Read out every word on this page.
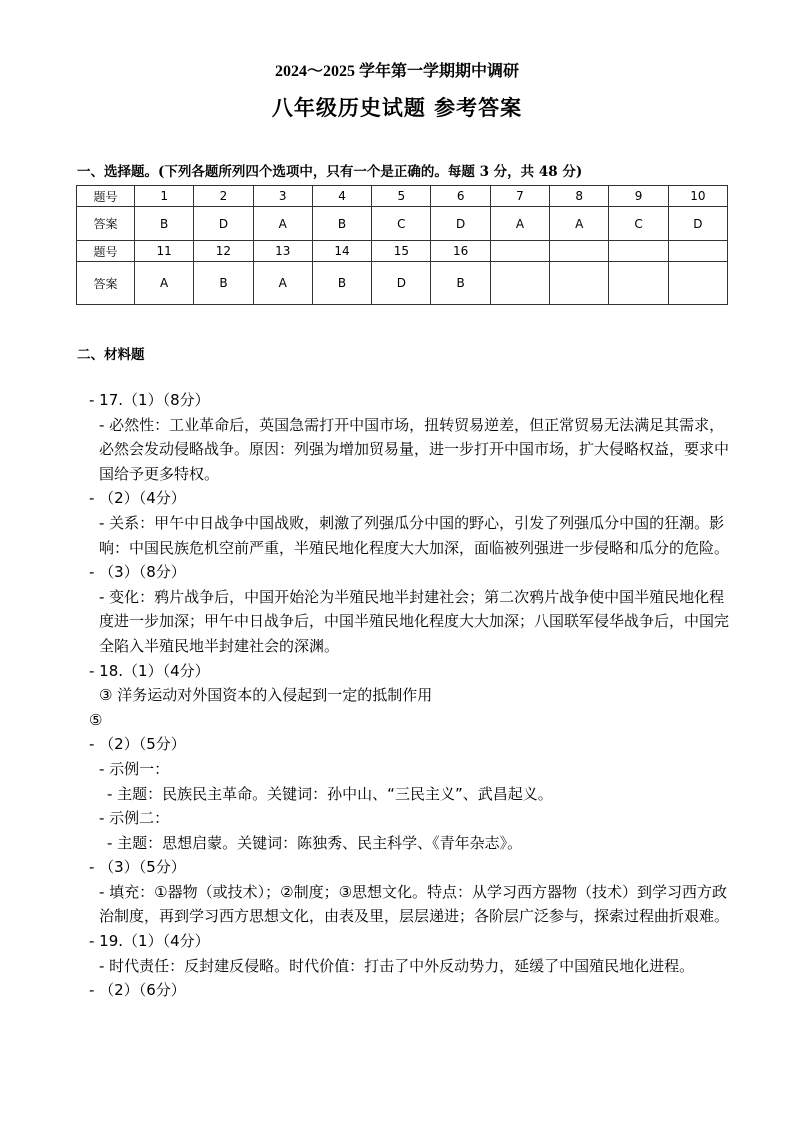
2024～2025 学年第一学期期中调研
八年级历史试题 参考答案
一、选择题。(下列各题所列四个选项中，只有一个是正确的。每题 3 分，共 48 分)
题号	1	2	3	4	5	6	7	8	9	10
答案	B	D	A	B	C	D	A	A	C	D
题号	11	12	13	14	15	16				
答案	A	B	A	B	D	B				
二、材料题

- 17.（1）（8分）

- 必然性：工业革命后，英国急需打开中国市场，扭转贸易逆差，但正常贸易无法满足其需求，必然会发动侵略战争。原因：列强为增加贸易量，进一步打开中国市场，扩大侵略权益，要求中国给予更多特权。

- （2）（4分）

- 关系：甲午中日战争中国战败，刺激了列强瓜分中国的野心，引发了列强瓜分中国的狂潮。影响：中国民族危机空前严重，半殖民地化程度大大加深，面临被列强进一步侵略和瓜分的危险。

- （3）（8分）

- 变化：鸦片战争后，中国开始沦为半殖民地半封建社会；第二次鸦片战争使中国半殖民地化程度进一步加深；甲午中日战争后，中国半殖民地化程度大大加深；八国联军侵华战争后，中国完全陷入半殖民地半封建社会的深渊。

- 18.（1）（4分）

③ 洋务运动对外国资本的入侵起到一定的抵制作用

⑤

- （2）（5分）

- 示例一：

- 主题：民族民主革命。关键词：孙中山、“三民主义”、武昌起义。

- 示例二：

- 主题：思想启蒙。关键词：陈独秀、民主科学、《青年杂志》。

- （3）（5分）

- 填充：①器物（或技术）；②制度；③思想文化。特点：从学习西方器物（技术）到学习西方政治制度，再到学习西方思想文化，由表及里，层层递进；各阶层广泛参与，探索过程曲折艰难。

- 19.（1）（4分）

- 时代责任：反封建反侵略。时代价值：打击了中外反动势力，延缓了中国殖民地化进程。

- （2）（6分）
